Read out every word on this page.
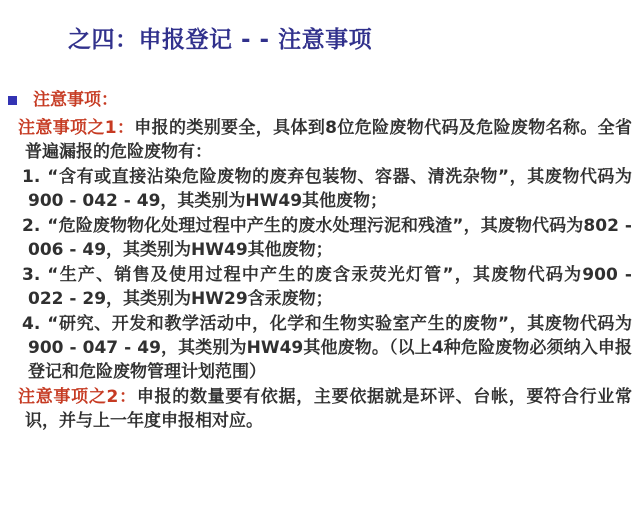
之四：申报登记 - - 注意事项
注意事项：

注意事项之1：申报的类别要全，具体到8位危险废物代码及危险废物名称。全省普遍漏报的危险废物有：

1. “含有或直接沾染危险废物的废弃包装物、容器、清洗杂物”，其废物代码为900 - 042 - 49，其类别为HW49其他废物；

2. “危险废物物化处理过程中产生的废水处理污泥和残渣”，其废物代码为802 - 006 - 49，其类别为HW49其他废物；

3. “生产、销售及使用过程中产生的废含汞荧光灯管”，其废物代码为900 - 022 - 29，其类别为HW29含汞废物；

4. “研究、开发和教学活动中，化学和生物实验室产生的废物”，其废物代码为900 - 047 - 49，其类别为HW49其他废物。（以上4种危险废物必须纳入申报登记和危险废物管理计划范围）

注意事项之2：申报的数量要有依据，主要依据就是环评、台帐，要符合行业常识，并与上一年度申报相对应。
